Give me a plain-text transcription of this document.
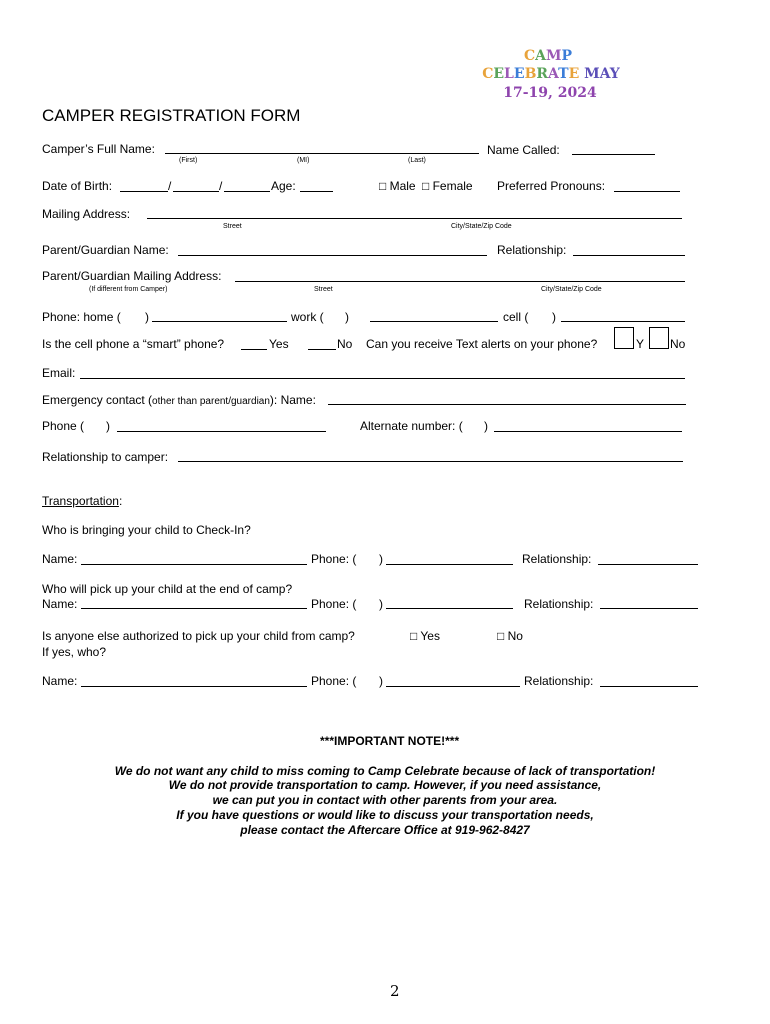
CAMP
CELEBRATE MAY
17-19, 2024
CAMPER REGISTRATION FORM
Camper’s Full Name:
(First)	(MI)	(Last)
Name Called:
Date of Birth:	/	/	Age:	□ Male □ Female Preferred Pronouns:
Mailing Address:
Street	City/State/Zip Code
Parent/Guardian Name:	Relationship:
Parent/Guardian Mailing Address:
(If different from Camper)	Street	City/State/Zip Code
Phone: home ( )	work ( )	cell ( )
Is the cell phone a “smart” phone?	Yes	No Can you receive Text alerts on your phone?	Y No
Email:
Emergency contact (other than parent/guardian): Name:
Phone ( )	Alternate number: ( )
Relationship to camper:
Transportation:
Who is bringing your child to Check-In?
Name:	Phone: ( )	Relationship:
Who will pick up your child at the end of camp?
Name:	Phone: ( )	Relationship:
Is anyone else authorized to pick up your child from camp?	□ Yes	□ No
If yes, who?
Name:	Phone: ( )	Relationship:
***IMPORTANT NOTE!***
We do not want any child to miss coming to Camp Celebrate because of lack of transportation!
We do not provide transportation to camp. However, if you need assistance,
we can put you in contact with other parents from your area.
If you have questions or would like to discuss your transportation needs,
please contact the Aftercare Office at 919-962-8427
2
